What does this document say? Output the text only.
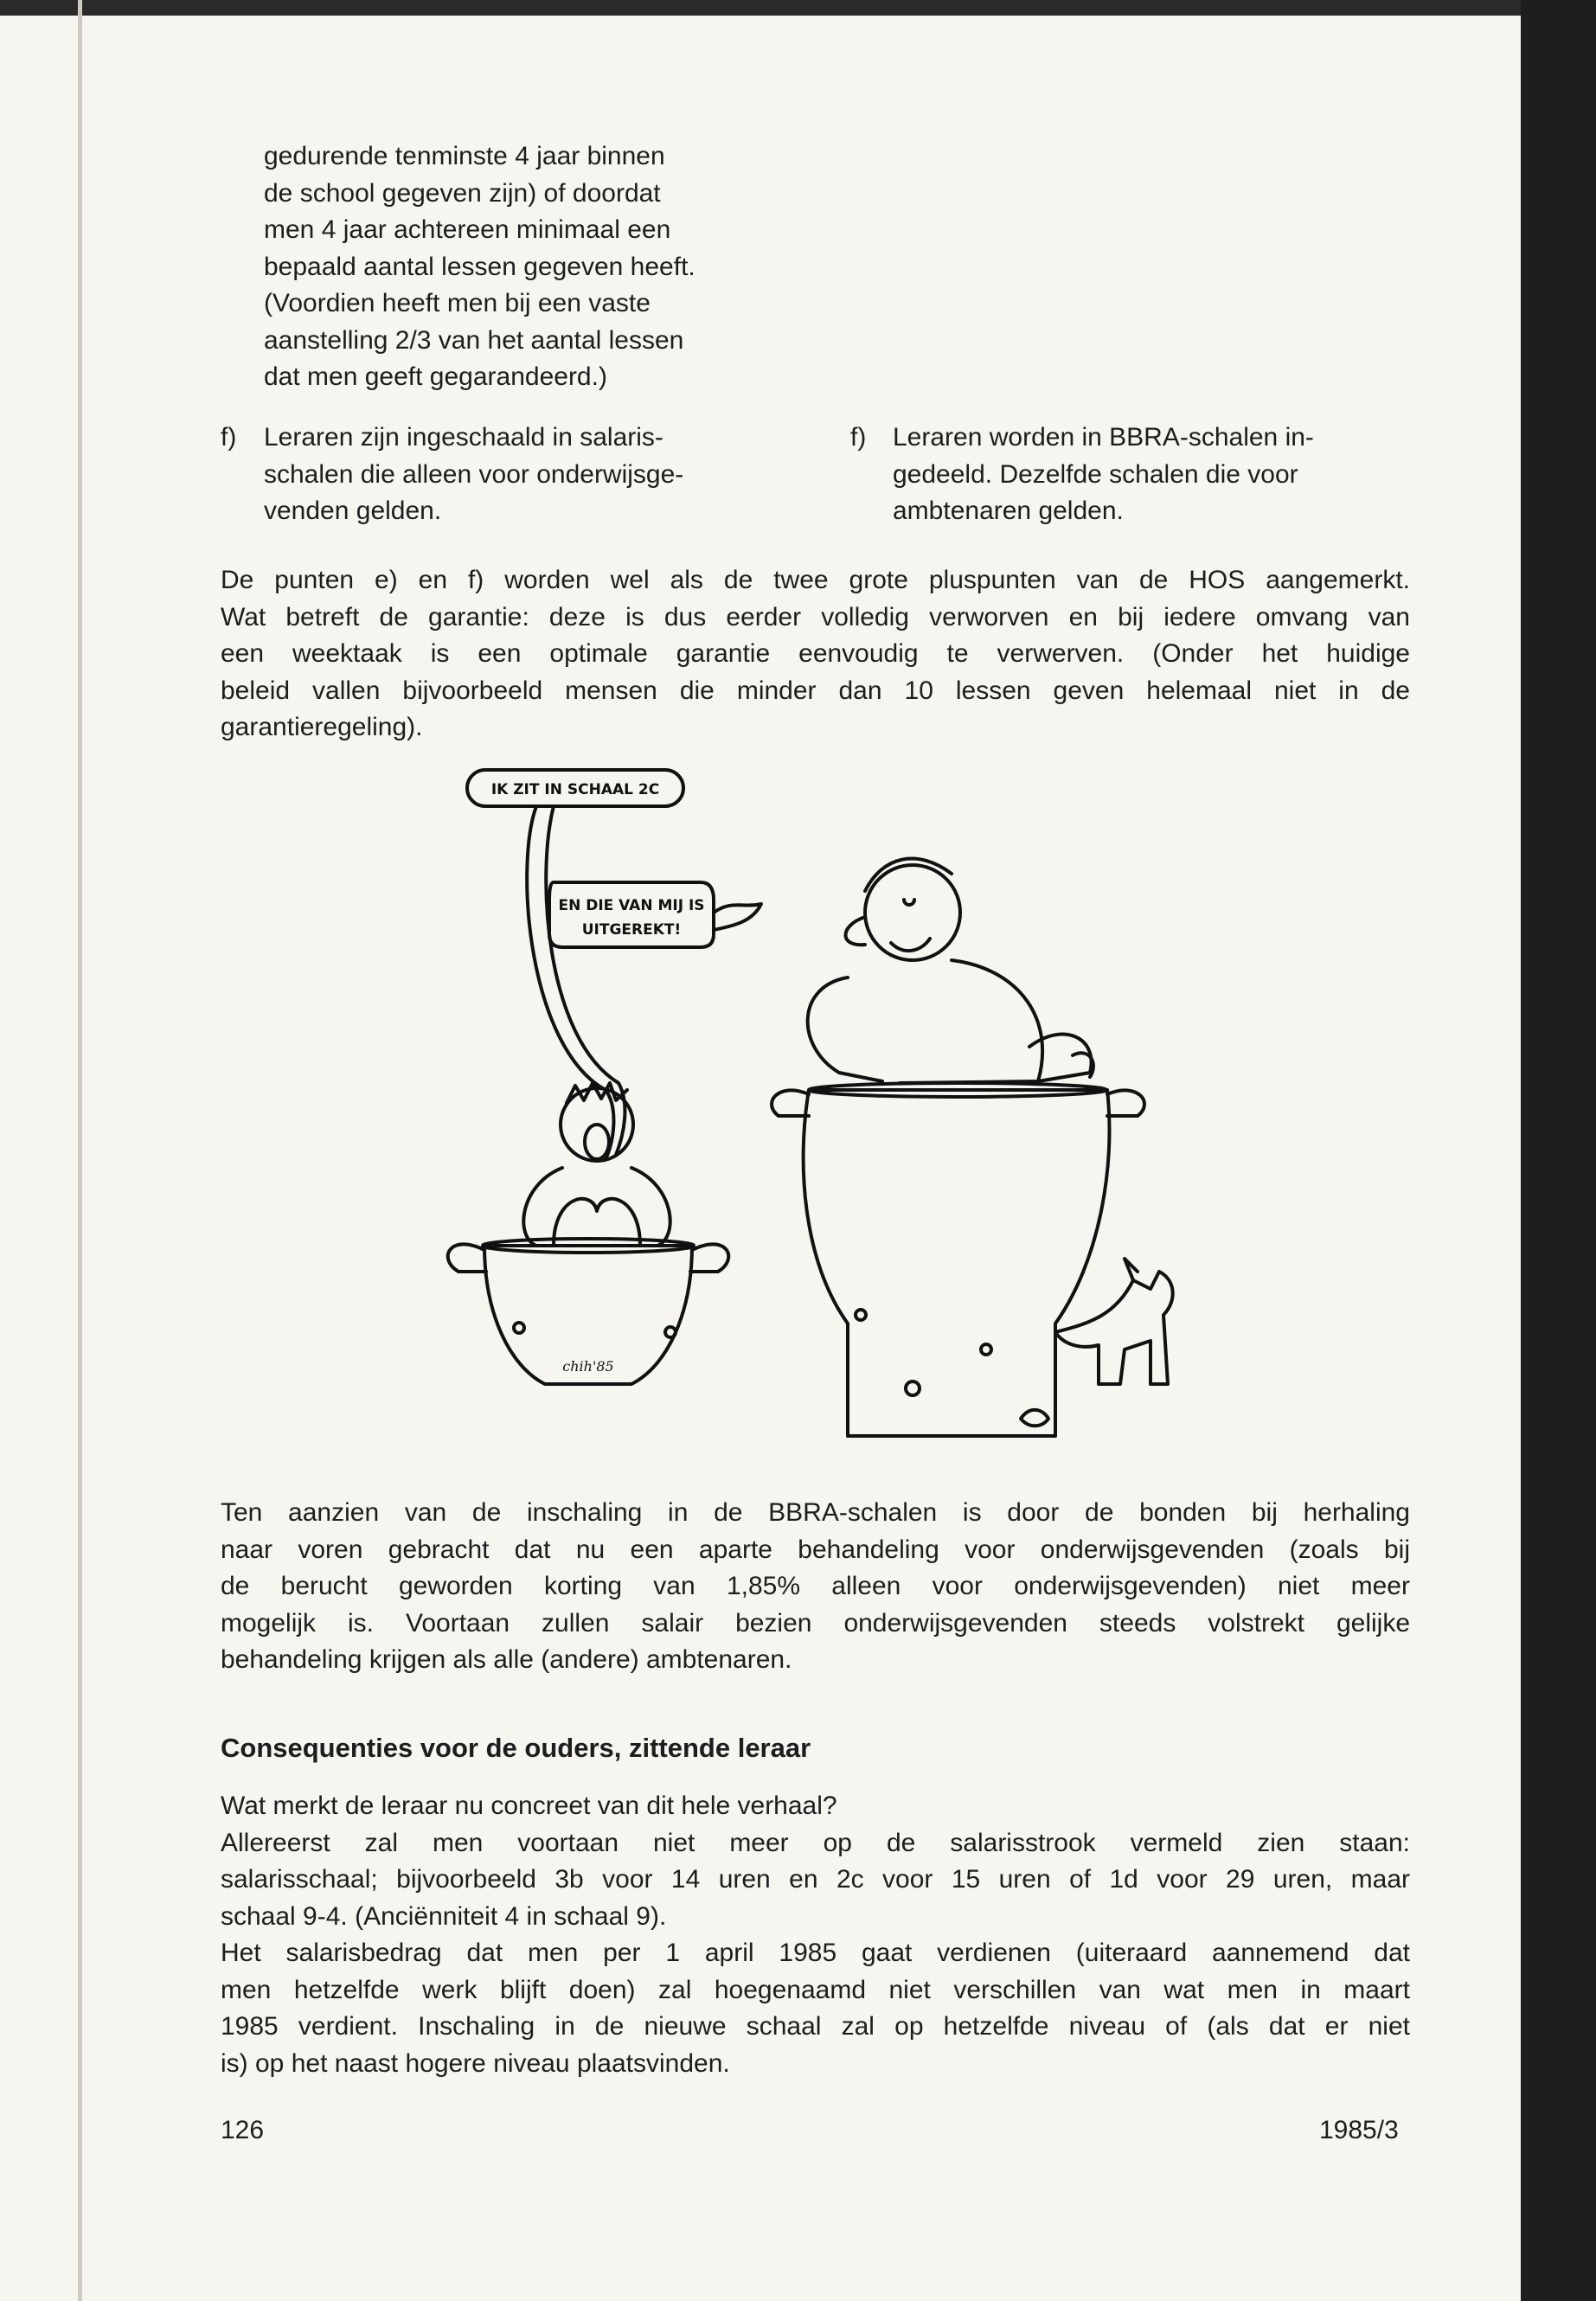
gedurende tenminste 4 jaar binnen
de school gegeven zijn) of doordat
men 4 jaar achtereen minimaal een
bepaald aantal lessen gegeven heeft.
(Voordien heeft men bij een vaste
aanstelling 2/3 van het aantal lessen
dat men geeft gegarandeerd.)
f) Leraren zijn ingeschaald in salaris-
schalen die alleen voor onderwijsge-
venden gelden.
f) Leraren worden in BBRA-schalen in-
gedeeld. Dezelfde schalen die voor
ambtenaren gelden.
De punten e) en f) worden wel als de twee grote pluspunten van de HOS aangemerkt.
Wat betreft de garantie: deze is dus eerder volledig verworven en bij iedere omvang van
een weektaak is een optimale garantie eenvoudig te verwerven. (Onder het huidige
beleid vallen bijvoorbeeld mensen die minder dan 10 lessen geven helemaal niet in de
garantieregeling).
IK ZIT IN SCHAAL 2C
EN DIE VAN MIJ IS
UITGEREKT!
chih'85
Ten aanzien van de inschaling in de BBRA-schalen is door de bonden bij herhaling
naar voren gebracht dat nu een aparte behandeling voor onderwijsgevenden (zoals bij
de berucht geworden korting van 1,85% alleen voor onderwijsgevenden) niet meer
mogelijk is. Voortaan zullen salair bezien onderwijsgevenden steeds volstrekt gelijke
behandeling krijgen als alle (andere) ambtenaren.
Consequenties voor de ouders, zittende leraar
Wat merkt de leraar nu concreet van dit hele verhaal?
Allereerst zal men voortaan niet meer op de salarisstrook vermeld zien staan:
salarisschaal; bijvoorbeeld 3b voor 14 uren en 2c voor 15 uren of 1d voor 29 uren, maar
schaal 9-4. (Anciënniteit 4 in schaal 9).
Het salarisbedrag dat men per 1 april 1985 gaat verdienen (uiteraard aannemend dat
men hetzelfde werk blijft doen) zal hoegenaamd niet verschillen van wat men in maart
1985 verdient. Inschaling in de nieuwe schaal zal op hetzelfde niveau of (als dat er niet
is) op het naast hogere niveau plaatsvinden.
126	1985/3
